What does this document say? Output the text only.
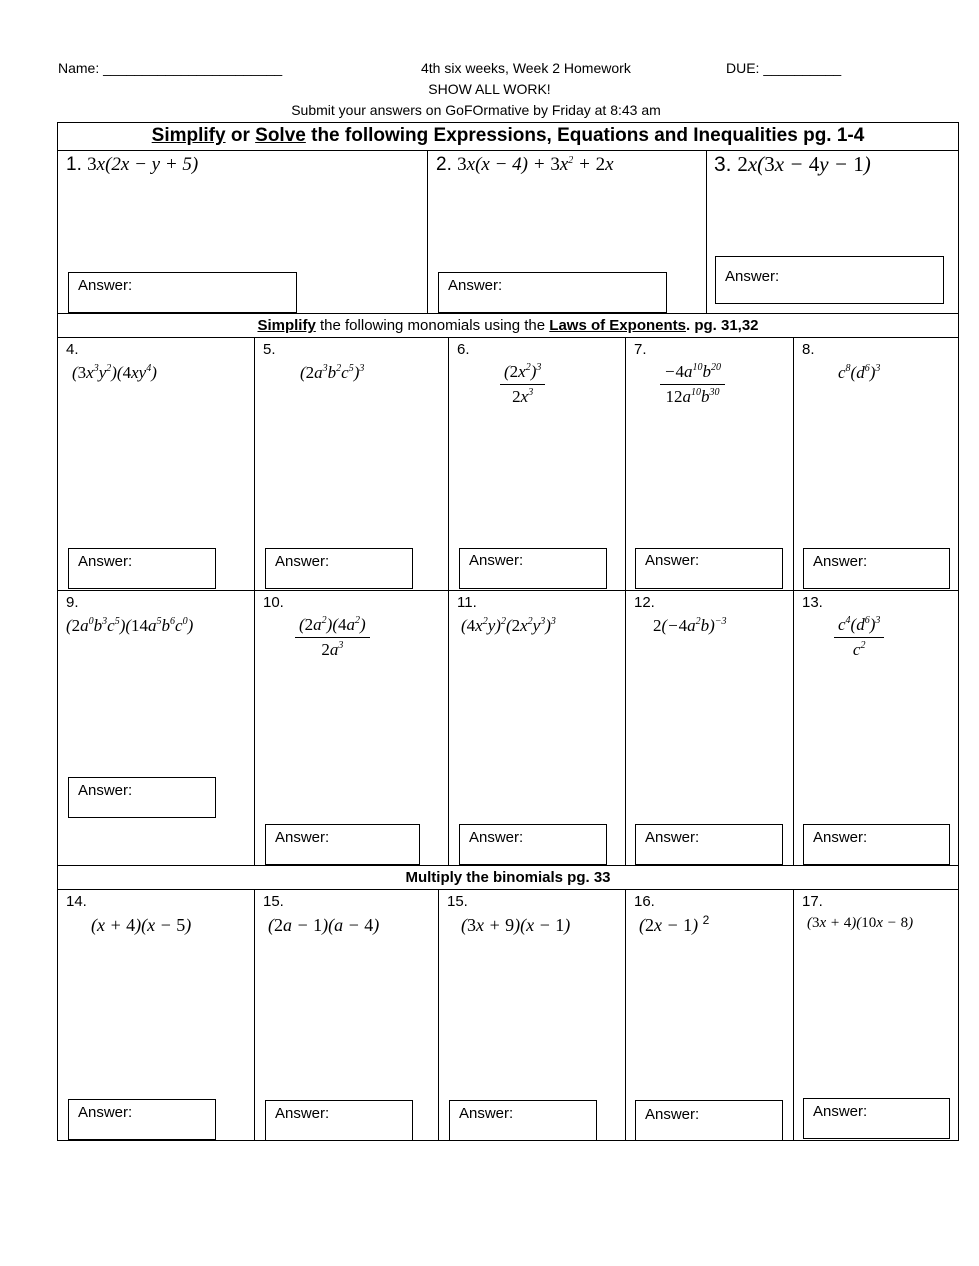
Name: _______________________	4th six weeks, Week 2 Homework	DUE: __________
SHOW ALL WORK!
Submit your answers on GoFOrmative by Friday at 8:43 am
Simplify or Solve the following Expressions, Equations and Inequalities pg. 1-4
Simplify the following monomials using the Laws of Exponents. pg. 31,32
Multiply the binomials pg. 33
1. 3x(2x − y + 5)	2. $3x(x - 4) + 3x^2 + 2x$	3. 2x(3x − 4y − 1)
Answer:	Answer:
Answer:
4.
$(3x^3y^2)(4xy^4)$
5.
$(2a^3b^2c^5)^3$
6.
$\frac{(2x^2)^3}{2x^3}$
7.
$\frac{-4a^{10}b^{20}}{12a^{10}b^{30}}$
8.
$c^8(d^6)^3$
Answer:	Answer:	Answer:	Answer:	Answer:
9.
$(2a^0b^3c^5)(14a^5b^6c^0)$
10.
$\frac{(2a^2)(4a^2)}{2a^3}$
11.
$(4x^2y)^2(2x^2y^3)^3$
12.
$2(-4a^2b)^{-3}$
13.
$\frac{c^4(d^6)^3}{c^2}$
Answer:
Answer:	Answer:	Answer:	Answer:
14.
(x + 4)(x − 5)
15.
(2a − 1)(a − 4)
15.
(3x + 9)(x − 1)
16.
(2x − 1) $^2$
17.
(3x + 4)(10x − 8)
Answer:	Answer:	Answer:	Answer:	Answer:
